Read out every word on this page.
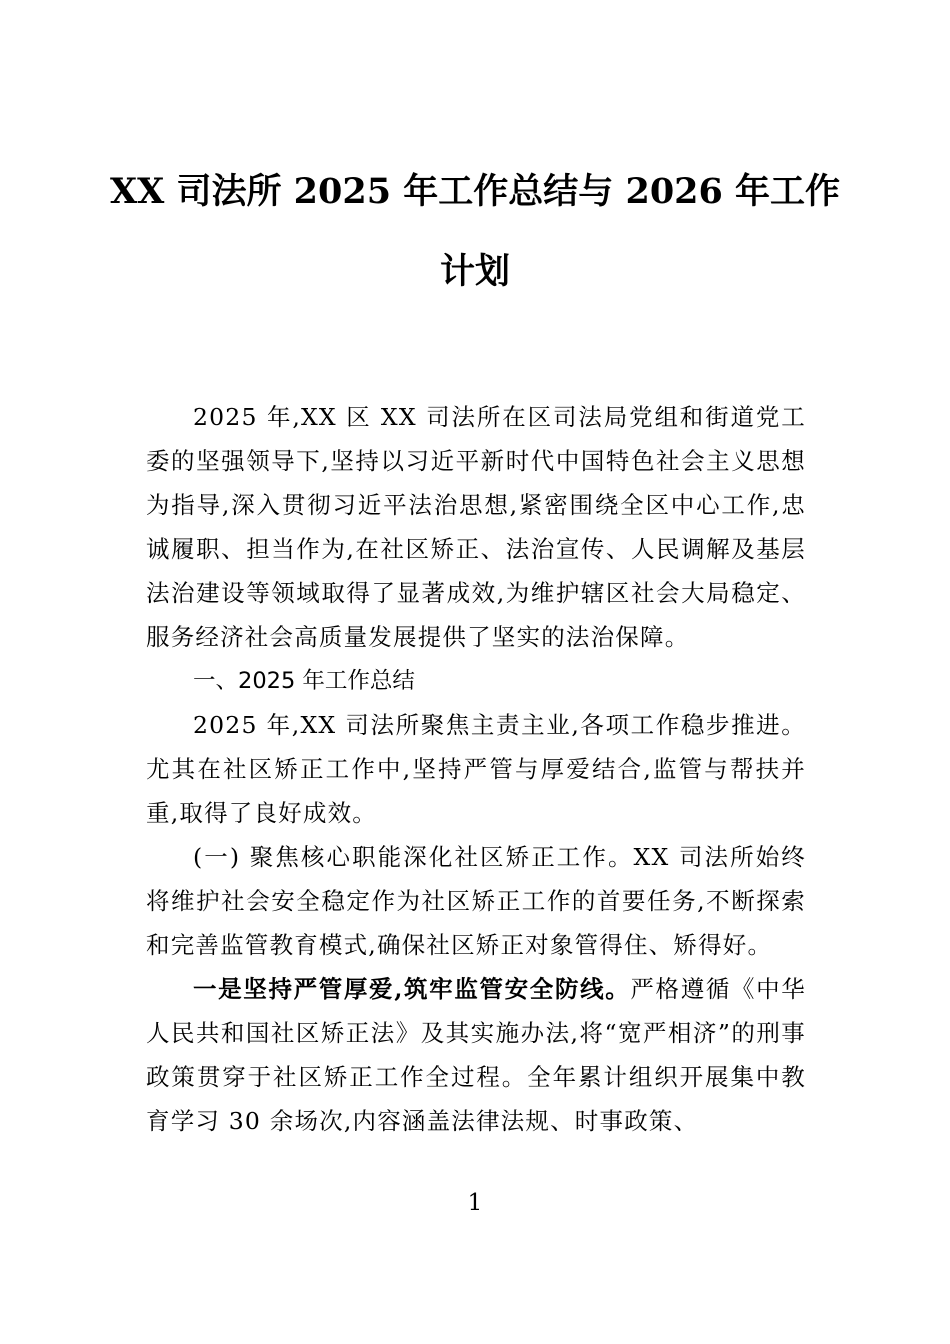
XX 司法所 2025 年工作总结与 2026 年工作
计划

2025 年,XX 区 XX 司法所在区司法局党组和街道党工委的坚强领导下,坚持以习近平新时代中国特色社会主义思想为指导,深入贯彻习近平法治思想,紧密围绕全区中心工作,忠诚履职、担当作为,在社区矫正、法治宣传、人民调解及基层法治建设等领域取得了显著成效,为维护辖区社会大局稳定、服务经济社会高质量发展提供了坚实的法治保障。

一、2025 年工作总结

2025 年,XX 司法所聚焦主责主业,各项工作稳步推进。尤其在社区矫正工作中,坚持严管与厚爱结合,监管与帮扶并重,取得了良好成效。

(一) 聚焦核心职能深化社区矫正工作。XX 司法所始终将维护社会安全稳定作为社区矫正工作的首要任务,不断探索和完善监管教育模式,确保社区矫正对象管得住、矫得好。

一是坚持严管厚爱,筑牢监管安全防线。严格遵循《中华人民共和国社区矫正法》及其实施办法,将“宽严相济”的刑事政策贯穿于社区矫正工作全过程。全年累计组织开展集中教育学习 30 余场次,内容涵盖法律法规、时事政策、

1
